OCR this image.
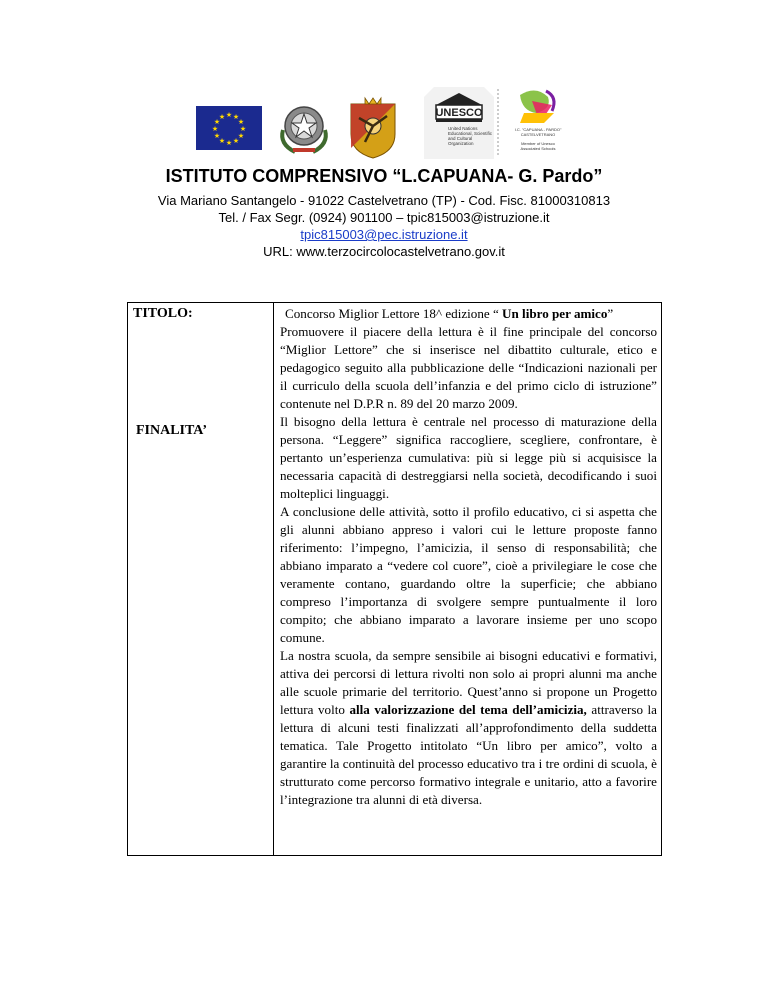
★ ★
★
★
★
★
★
★
★
★
★
★	UNESCO
United Nations
Educational, Scientific
and Cultural
Organization
I.C. "CAPUANA - PARDO"
CASTELVETRANO
Member of Unesco
Associated Schools
ISTITUTO COMPRENSIVO “L.CAPUANA- G. Pardo”
Via Mariano Santangelo - 91022 Castelvetrano (TP) - Cod. Fisc. 81000310813
Tel. / Fax Segr. (0924) 901100 – tpic815003@istruzione.it
tpic815003@pec.istruzione.it
URL: www.terzocircolocastelvetrano.gov.it
TITOLO:
FINALITA’
Concorso Miglior Lettore 18^ edizione “ Un libro per amico”
Promuovere il piacere della lettura è il fine principale del concorso “Miglior Lettore” che si inserisce nel dibattito culturale, etico e pedagogico seguito alla pubblicazione delle “Indicazioni nazionali per il curriculo della scuola dell’infanzia e del primo ciclo di istruzione” contenute nel D.P.R n. 89 del 20 marzo 2009.
Il bisogno della lettura è centrale nel processo di maturazione della persona. “Leggere” significa raccogliere, scegliere, confrontare, è pertanto un’esperienza cumulativa: più si legge più si acquisisce la necessaria capacità di destreggiarsi nella società, decodificando i suoi molteplici linguaggi.
A conclusione delle attività, sotto il profilo educativo, ci si aspetta che gli alunni abbiano appreso i valori cui le letture proposte fanno riferimento: l’impegno, l’amicizia, il senso di responsabilità; che abbiano imparato a “vedere col cuore”, cioè a privilegiare le cose che veramente contano, guardando oltre la superficie; che abbiano compreso l’importanza di svolgere sempre puntualmente il loro compito; che abbiano imparato a lavorare insieme per uno scopo comune.
La nostra scuola, da sempre sensibile ai bisogni educativi e formativi, attiva dei percorsi di lettura rivolti non solo ai propri alunni ma anche alle scuole primarie del territorio. Quest’anno si propone un Progetto lettura volto alla valorizzazione del tema dell’amicizia, attraverso la lettura di alcuni testi finalizzati all’approfondimento della suddetta tematica. Tale Progetto intitolato “Un libro per amico”, volto a garantire la continuità del processo educativo tra i tre ordini di scuola, è strutturato come percorso formativo integrale e unitario, atto a favorire l’integrazione tra alunni di età diversa.
